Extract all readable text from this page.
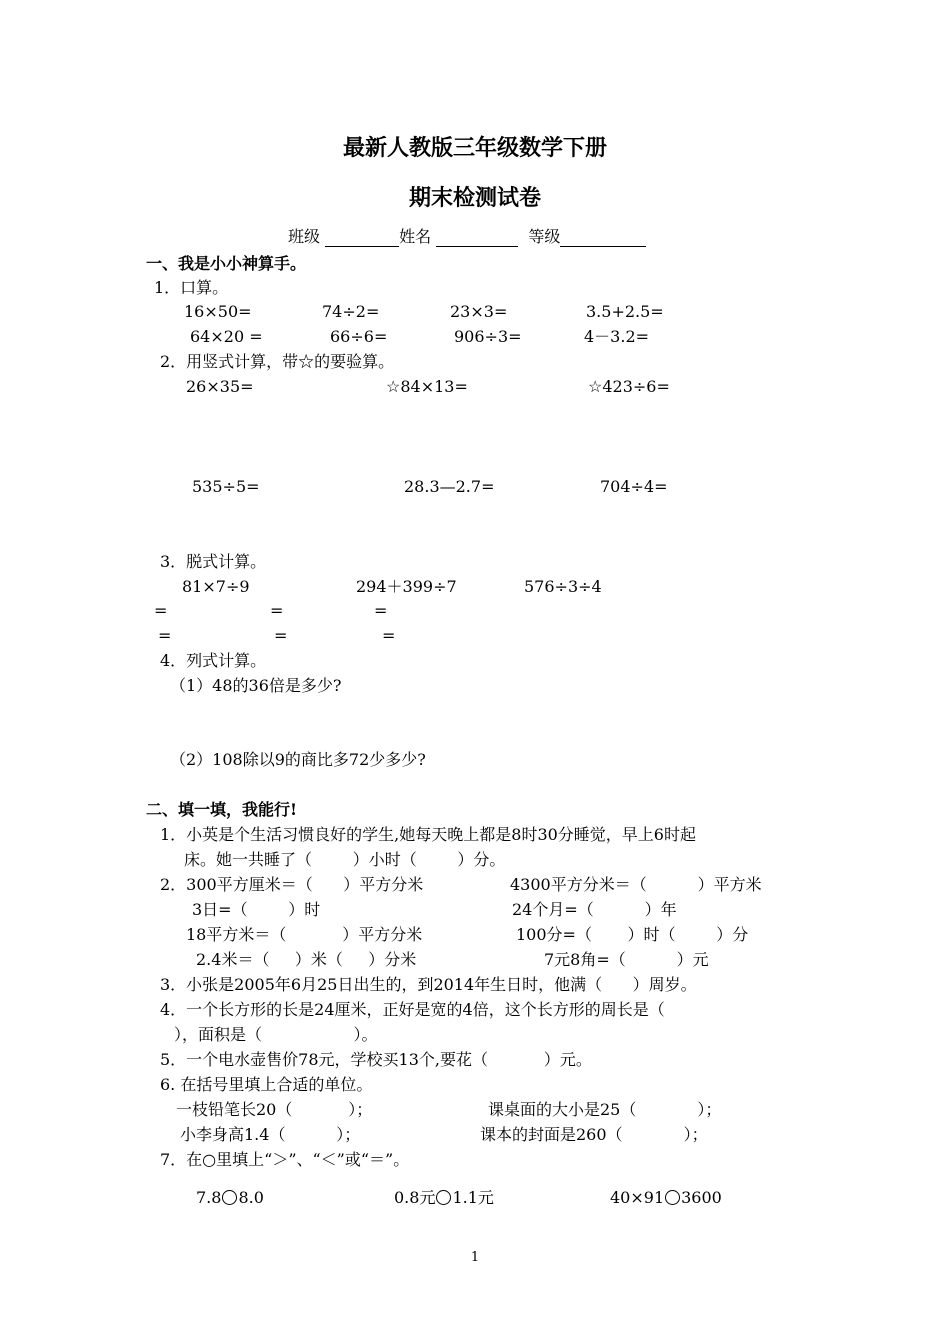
最新人教版三年级数学下册
期末检测试卷
班级	姓名	等级
一、我是小小神算手。
1．口算。
16×50=	74÷2=	23×3=	3.5+2.5=
64×20 =	66÷6=	906÷3=	4－3.2=
2．用竖式计算，带☆的要验算。
26×35=	☆84×13=	☆423÷6=
535÷5=	28.3—2.7=	704÷4=
3．脱式计算。
81×7÷9	294＋399÷7	576÷3÷4
=	=	=
=	=	=
4．列式计算。
（1）48的36倍是多少?
（2）108除以9的商比多72少多少?
二、填一填，我能行!
1．小英是个生活习惯良好的学生,她每天晚上都是8时30分睡觉，早上6时起
床。她一共睡了（        ）小时（        ）分。
2．300平方厘米＝（      ）平方分米	4300平方分米＝（          ）平方米
3日=（        ）时	24个月=（          ）年
18平方米＝（           ）平方分米	100分=（       ）时（        ）分
2.4米＝（     ）米（     ）分米	7元8角=（          ）元
3．小张是2005年6月25日出生的，到2014年生日时，他满（      ）周岁。
4．一个长方形的长是24厘米，正好是宽的4倍，这个长方形的周长是（
），面积是（                  ）。
5．一个电水壶售价78元，学校买13个,要花（           ）元。
6. 在括号里填上合适的单位。
一枝铅笔长20（           ）；	课桌面的大小是25（            ）；
小李身高1.4（          ）；	课本的封面是260（            ）；
7．在○里填上“＞”、“＜”或“＝”。
7.8 8.0	0.8元 1.1元	40×91 3600
1
